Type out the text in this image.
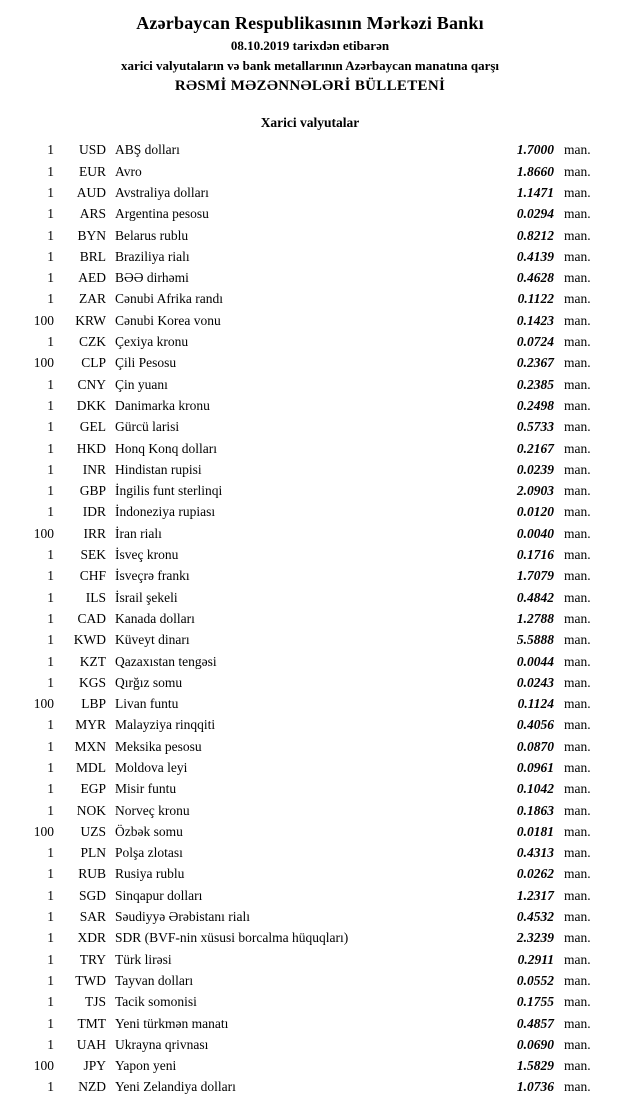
Azərbaycan Respublikasının Mərkəzi Bankı
08.10.2019 tarixdən etibarən
xarici valyutaların və bank metallarının Azərbaycan manatına qarşı
RƏSMİ MƏZƏNNƏLƏRİ BÜLLETENİ
Xarici valyutalar
1	USD	ABŞ dolları	1.7000	man.
1	EUR	Avro	1.8660	man.
1	AUD	Avstraliya dolları	1.1471	man.
1	ARS	Argentina pesosu	0.0294	man.
1	BYN	Belarus rublu	0.8212	man.
1	BRL	Braziliya rialı	0.4139	man.
1	AED	BƏƏ dirhəmi	0.4628	man.
1	ZAR	Cənubi Afrika randı	0.1122	man.
100	KRW	Cənubi Korea vonu	0.1423	man.
1	CZK	Çexiya kronu	0.0724	man.
100	CLP	Çili Pesosu	0.2367	man.
1	CNY	Çin yuanı	0.2385	man.
1	DKK	Danimarka kronu	0.2498	man.
1	GEL	Gürcü larisi	0.5733	man.
1	HKD	Honq Konq dolları	0.2167	man.
1	INR	Hindistan rupisi	0.0239	man.
1	GBP	İngilis funt sterlinqi	2.0903	man.
1	IDR	İndoneziya rupiası	0.0120	man.
100	IRR	İran rialı	0.0040	man.
1	SEK	İsveç kronu	0.1716	man.
1	CHF	İsveçrə frankı	1.7079	man.
1	ILS	İsrail şekeli	0.4842	man.
1	CAD	Kanada dolları	1.2788	man.
1	KWD	Küveyt dinarı	5.5888	man.
1	KZT	Qazaxıstan tengəsi	0.0044	man.
1	KGS	Qırğız somu	0.0243	man.
100	LBP	Livan funtu	0.1124	man.
1	MYR	Malayziya rinqqiti	0.4056	man.
1	MXN	Meksika pesosu	0.0870	man.
1	MDL	Moldova leyi	0.0961	man.
1	EGP	Misir funtu	0.1042	man.
1	NOK	Norveç kronu	0.1863	man.
100	UZS	Özbək somu	0.0181	man.
1	PLN	Polşa zlotası	0.4313	man.
1	RUB	Rusiya rublu	0.0262	man.
1	SGD	Sinqapur dolları	1.2317	man.
1	SAR	Səudiyyə Ərəbistanı rialı	0.4532	man.
1	XDR	SDR (BVF-nin xüsusi borcalma hüquqları)	2.3239	man.
1	TRY	Türk lirəsi	0.2911	man.
1	TWD	Tayvan dolları	0.0552	man.
1	TJS	Tacik somonisi	0.1755	man.
1	TMT	Yeni türkmən manatı	0.4857	man.
1	UAH	Ukrayna qrivnası	0.0690	man.
100	JPY	Yapon yeni	1.5829	man.
1	NZD	Yeni Zelandiya dolları	1.0736	man.
